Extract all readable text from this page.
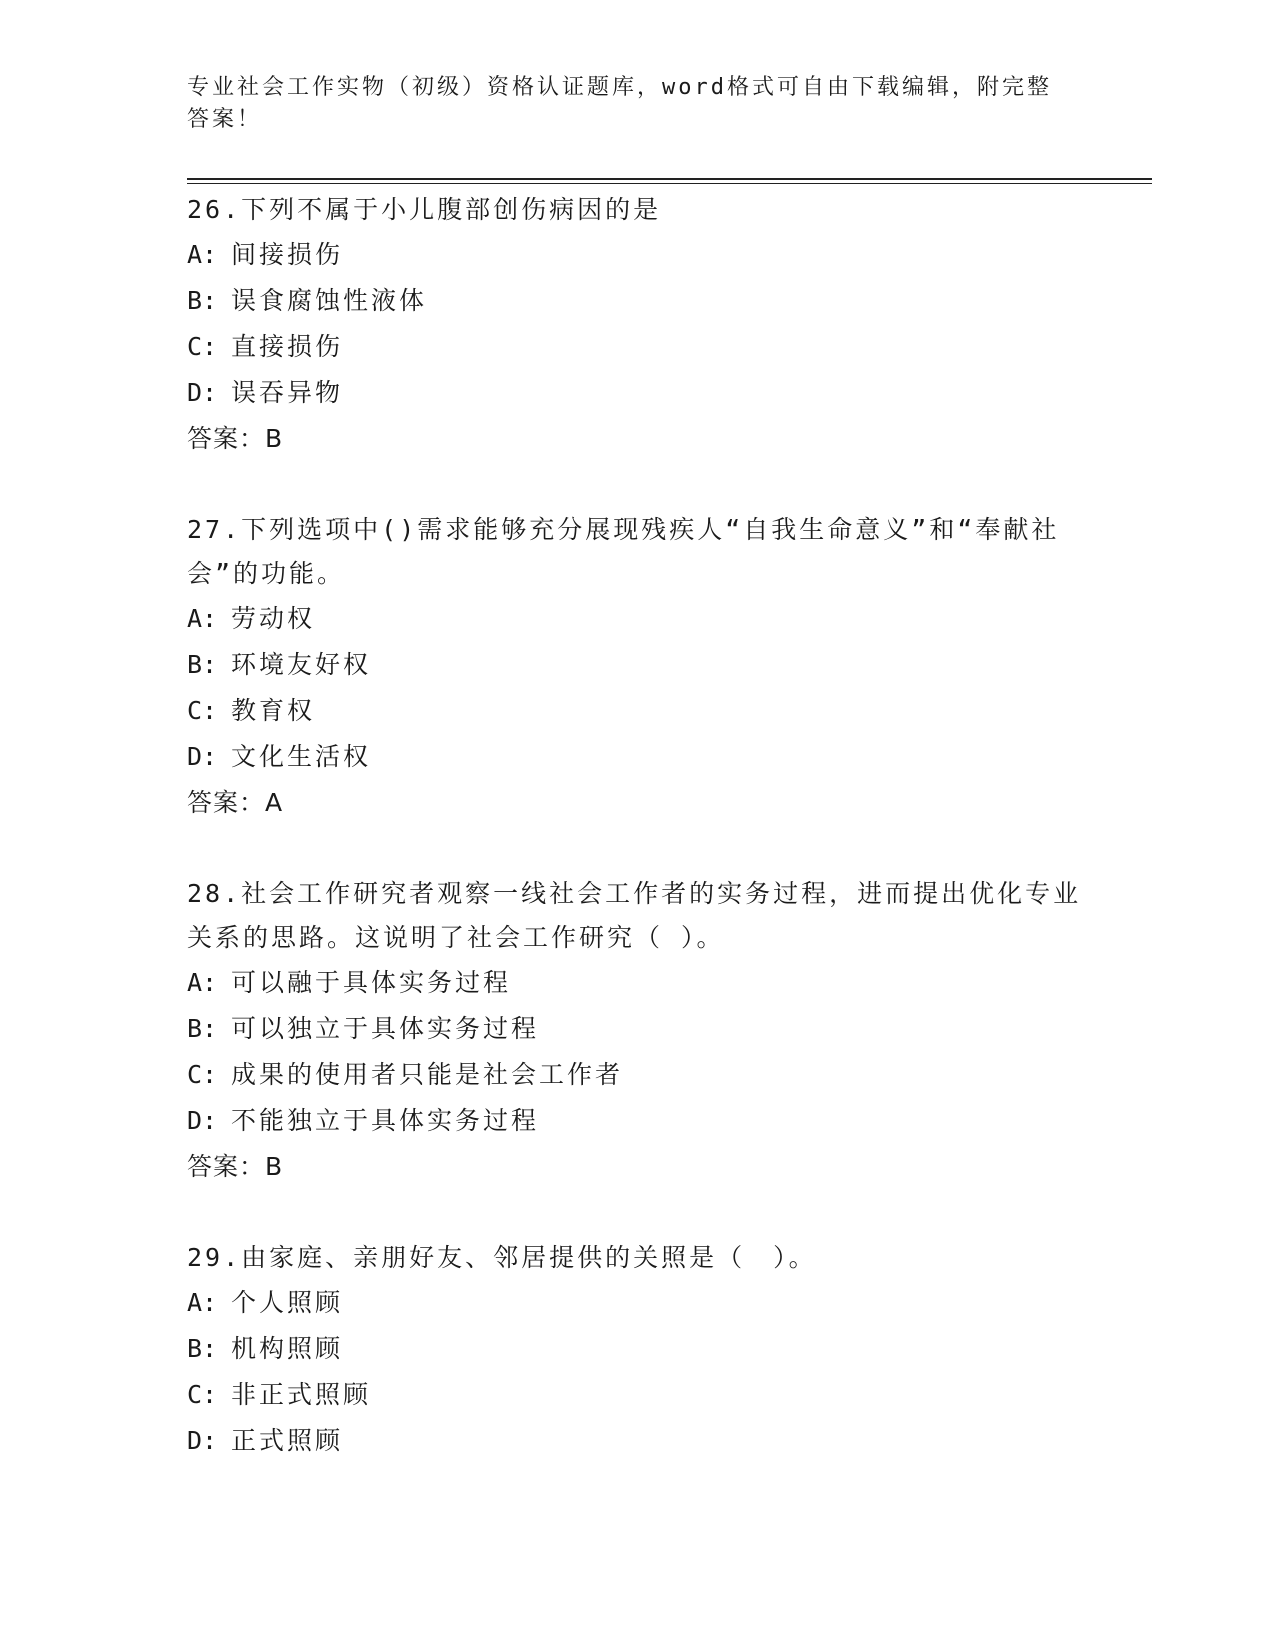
专业社会工作实物（初级）资格认证题库，word格式可自由下载编辑，附完整答案！

26.下列不属于小儿腹部创伤病因的是

A: 间接损伤

B: 误食腐蚀性液体

C: 直接损伤

D: 误吞异物

答案：B

27.下列选项中()需求能够充分展现残疾人“自我生命意义”和“奉献社会”的功能。

A: 劳动权

B: 环境友好权

C: 教育权

D: 文化生活权

答案：A

28.社会工作研究者观察一线社会工作者的实务过程，进而提出优化专业关系的思路。这说明了社会工作研究（ ）。

A: 可以融于具体实务过程

B: 可以独立于具体实务过程

C: 成果的使用者只能是社会工作者

D: 不能独立于具体实务过程

答案：B

29.由家庭、亲朋好友、邻居提供的关照是（　）。

A: 个人照顾

B: 机构照顾

C: 非正式照顾

D: 正式照顾
